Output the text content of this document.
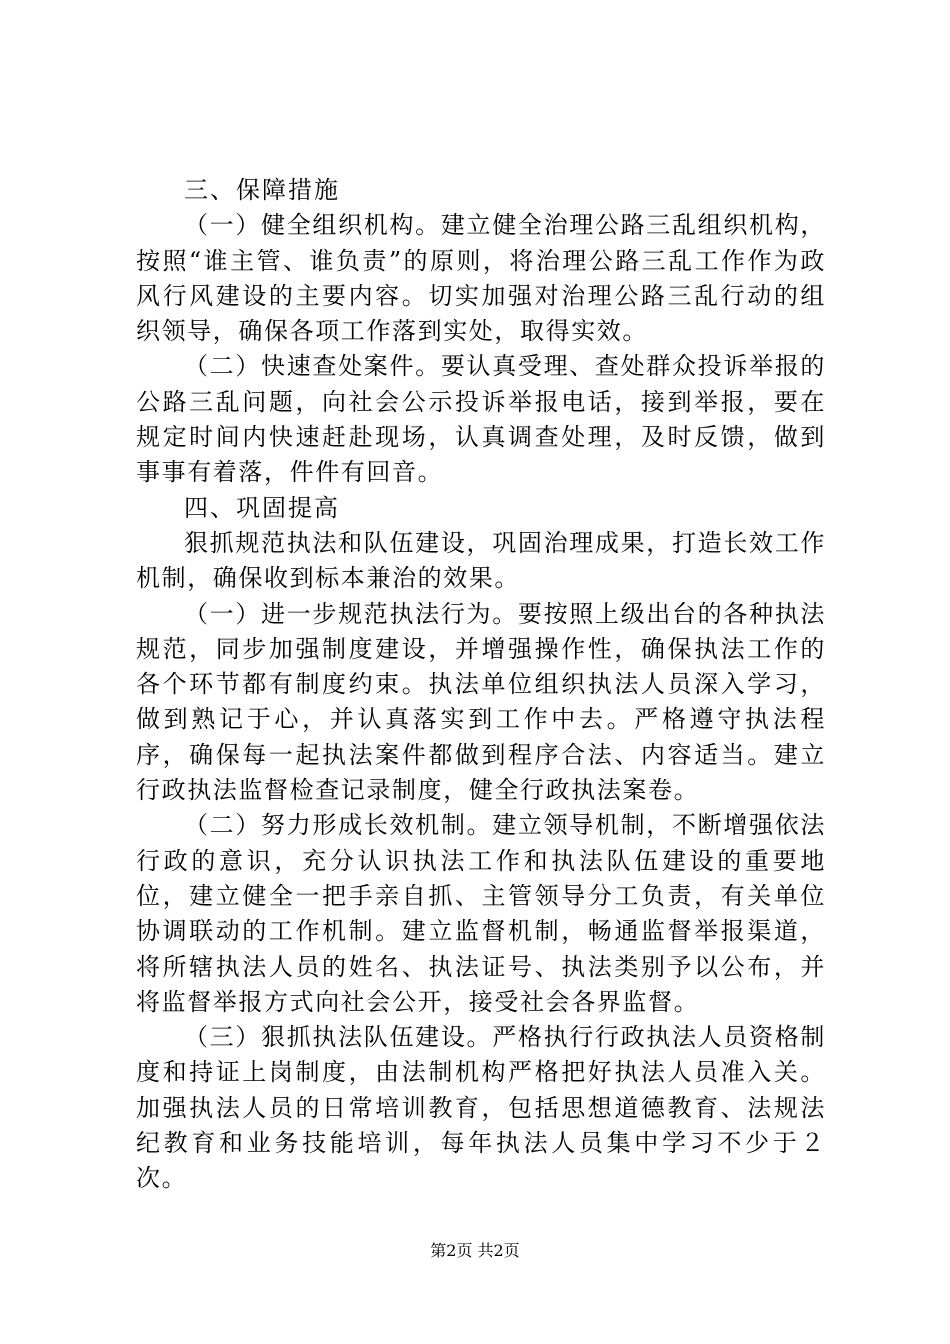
三、保障措施

（一）健全组织机构。建立健全治理公路三乱组织机构，按照“谁主管、谁负责”的原则，将治理公路三乱工作作为政风行风建设的主要内容。切实加强对治理公路三乱行动的组织领导，确保各项工作落到实处，取得实效。

（二）快速查处案件。要认真受理、查处群众投诉举报的公路三乱问题，向社会公示投诉举报电话，接到举报，要在规定时间内快速赶赴现场，认真调查处理，及时反馈，做到事事有着落，件件有回音。

四、巩固提高

狠抓规范执法和队伍建设，巩固治理成果，打造长效工作机制，确保收到标本兼治的效果。

（一）进一步规范执法行为。要按照上级出台的各种执法规范，同步加强制度建设，并增强操作性，确保执法工作的各个环节都有制度约束。执法单位组织执法人员深入学习，做到熟记于心，并认真落实到工作中去。严格遵守执法程序，确保每一起执法案件都做到程序合法、内容适当。建立行政执法监督检查记录制度，健全行政执法案卷。

（二）努力形成长效机制。建立领导机制，不断增强依法行政的意识，充分认识执法工作和执法队伍建设的重要地位，建立健全一把手亲自抓、主管领导分工负责，有关单位协调联动的工作机制。建立监督机制，畅通监督举报渠道，将所辖执法人员的姓名、执法证号、执法类别予以公布，并将监督举报方式向社会公开，接受社会各界监督。

（三）狠抓执法队伍建设。严格执行行政执法人员资格制度和持证上岗制度，由法制机构严格把好执法人员准入关。加强执法人员的日常培训教育，包括思想道德教育、法规法纪教育和业务技能培训，每年执法人员集中学习不少于２次。

第2页 共2页
